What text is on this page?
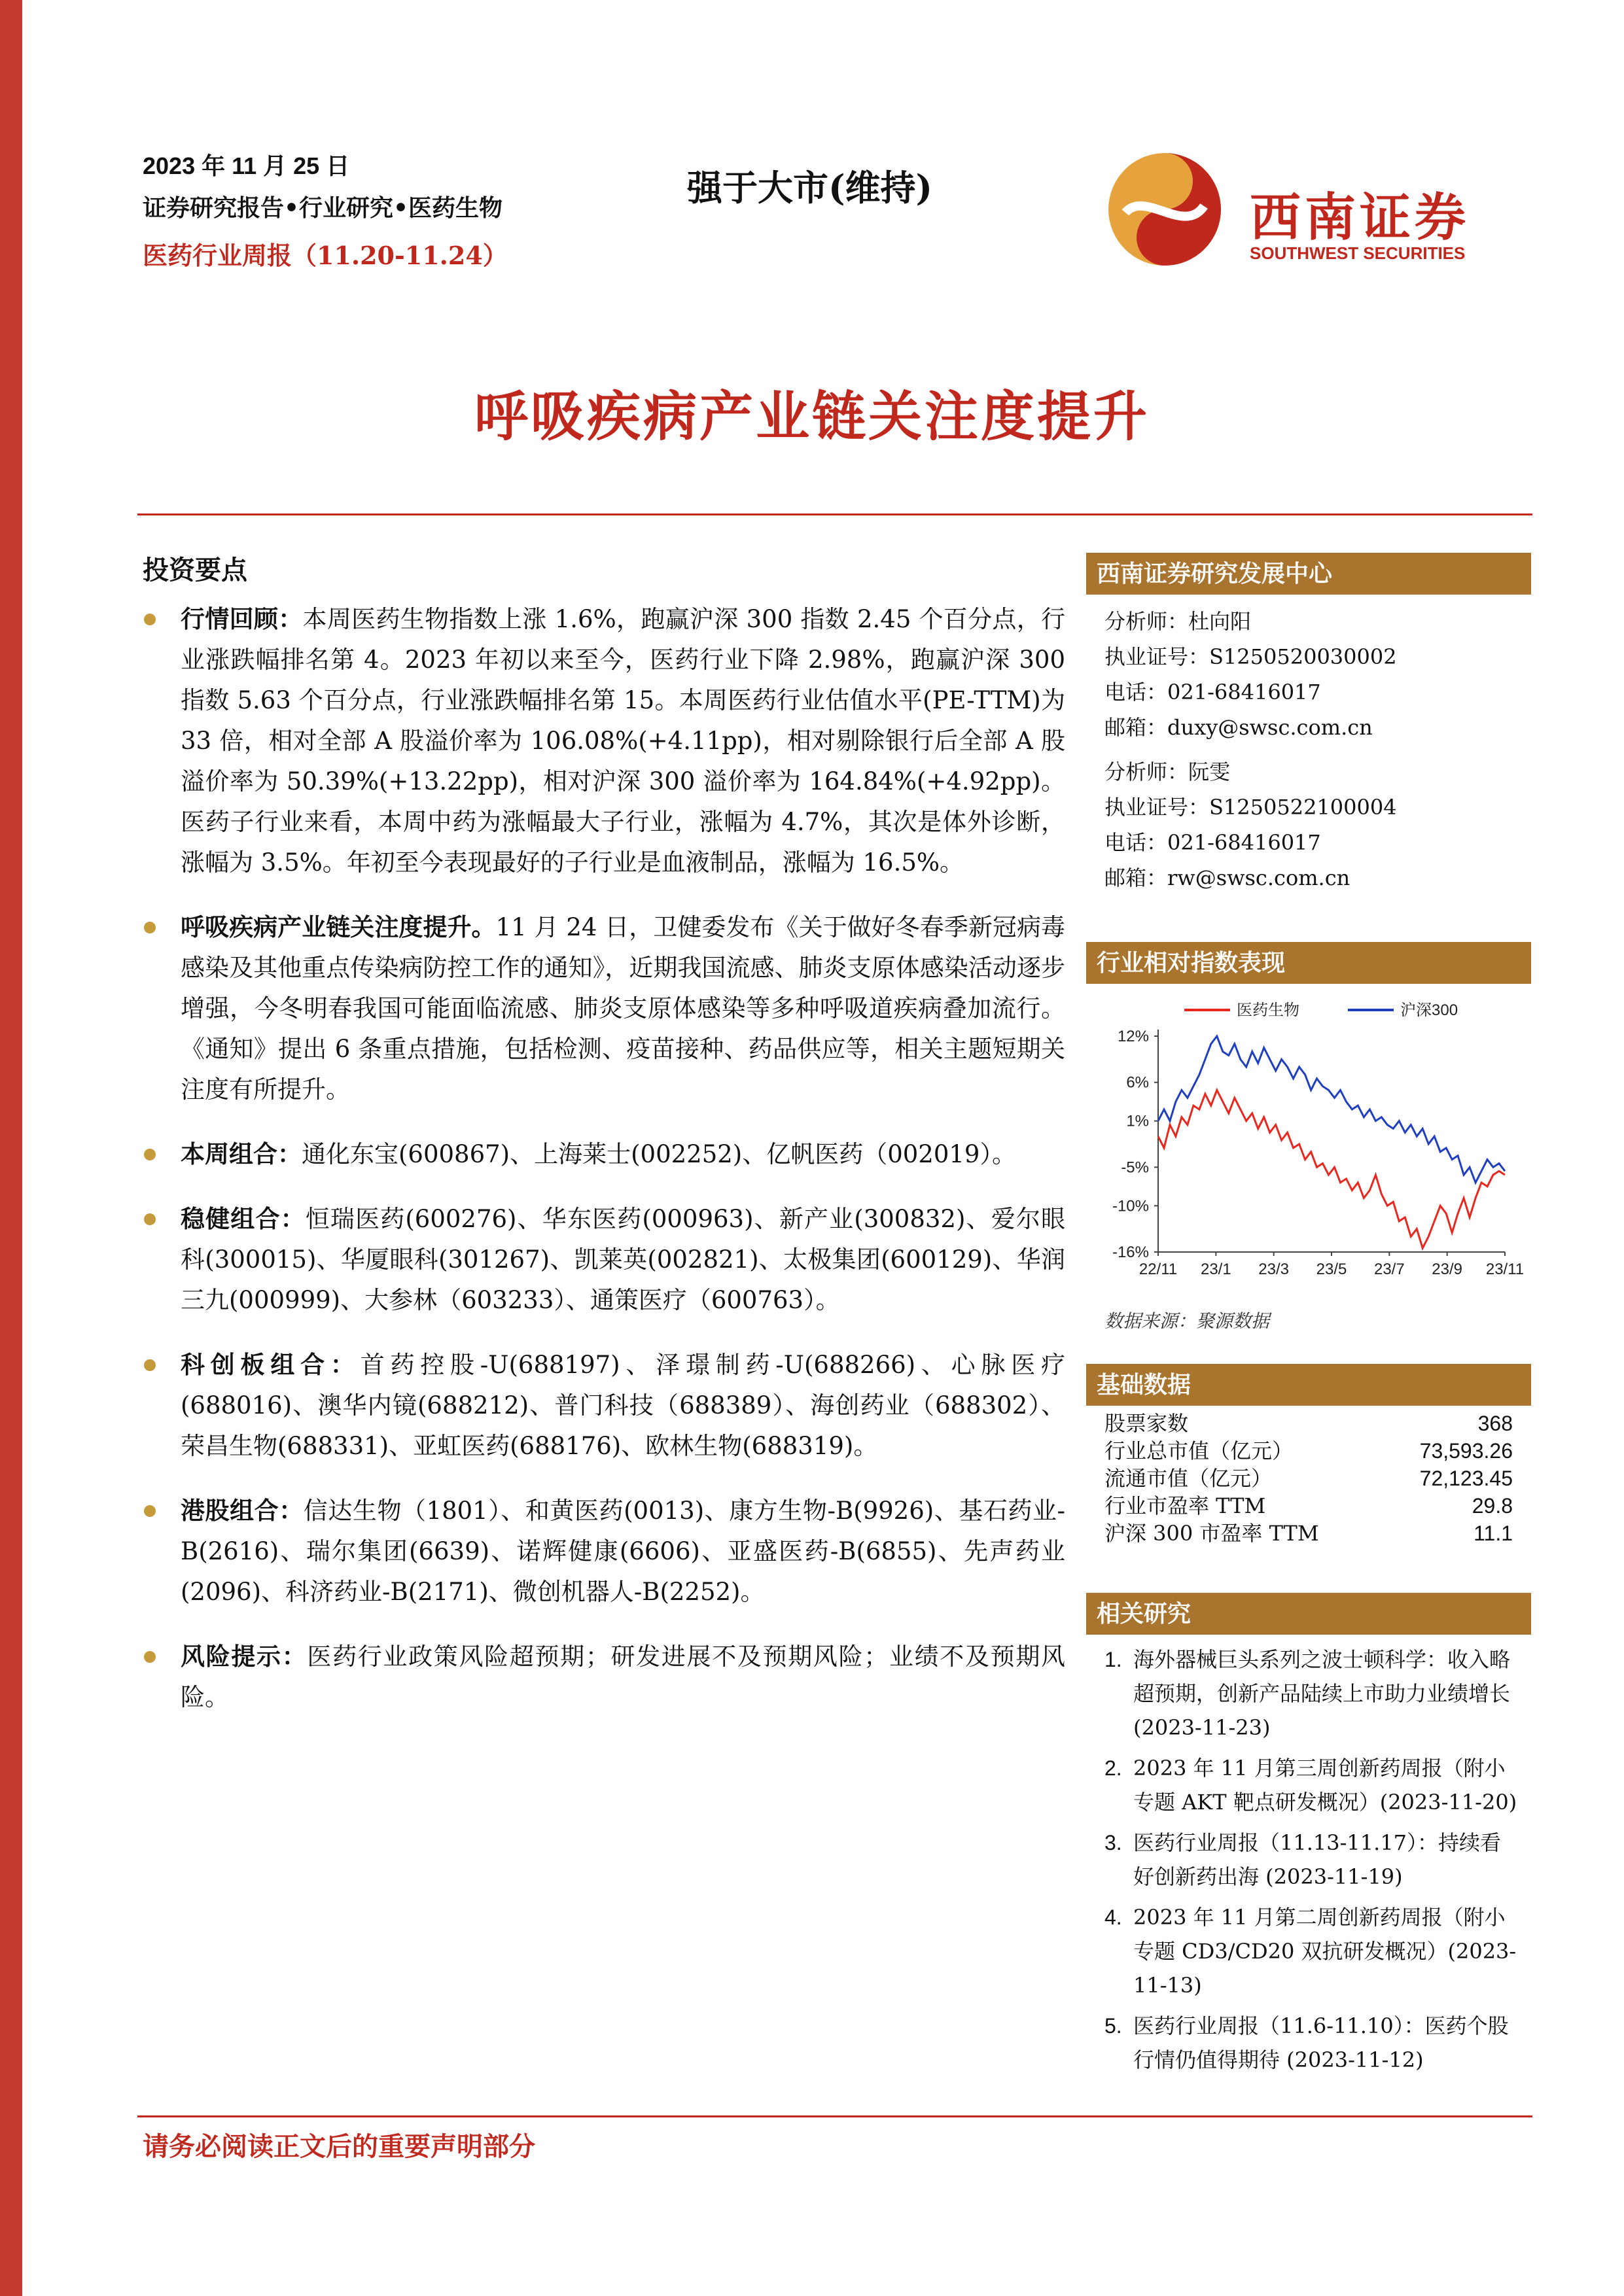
2023 年 11 月 25 日
证券研究报告•行业研究•医药生物
医药行业周报（11.20-11.24）
强于大市(维持)	西南证券
SOUTHWEST SECURITIES
呼吸疾病产业链关注度提升
投资要点
行情回顾：本周医药生物指数上涨 1.6%，跑赢沪深 300 指数 2.45 个百分点，行业涨跌幅排名第 4。2023 年初以来至今，医药行业下降 2.98%，跑赢沪深 300 指数 5.63 个百分点，行业涨跌幅排名第 15。本周医药行业估值水平(PE-TTM)为 33 倍，相对全部 A 股溢价率为 106.08%(+4.11pp)，相对剔除银行后全部 A 股溢价率为 50.39%(+13.22pp)，相对沪深 300 溢价率为 164.84%(+4.92pp)。医药子行业来看，本周中药为涨幅最大子行业，涨幅为 4.7%，其次是体外诊断，涨幅为 3.5%。年初至今表现最好的子行业是血液制品，涨幅为 16.5%。
呼吸疾病产业链关注度提升。11 月 24 日，卫健委发布《关于做好冬春季新冠病毒感染及其他重点传染病防控工作的通知》，近期我国流感、肺炎支原体感染活动逐步增强，今冬明春我国可能面临流感、肺炎支原体感染等多种呼吸道疾病叠加流行。《通知》提出 6 条重点措施，包括检测、疫苗接种、药品供应等，相关主题短期关注度有所提升。
本周组合：通化东宝(600867)、上海莱士(002252)、亿帆医药（002019）。
稳健组合：恒瑞医药(600276)、华东医药(000963)、新产业(300832)、爱尔眼科(300015)、华厦眼科(301267)、凯莱英(002821)、太极集团(600129)、华润三九(000999)、大参林（603233）、通策医疗（600763）。
科创板组合：首药控股-U(688197)、泽璟制药-U(688266)、心脉医疗(688016)、澳华内镜(688212)、普门科技（688389）、海创药业（688302）、荣昌生物(688331)、亚虹医药(688176)、欧林生物(688319)。
港股组合：信达生物（1801）、和黄医药(0013)、康方生物-B(9926)、基石药业-B(2616)、瑞尔集团(6639)、诺辉健康(6606)、亚盛医药-B(6855)、先声药业(2096)、科济药业-B(2171)、微创机器人-B(2252)。
风险提示：医药行业政策风险超预期；研发进展不及预期风险；业绩不及预期风险。
西南证券研究发展中心
分析师：杜向阳
执业证号：S1250520030002
电话：021-68416017
邮箱：duxy@swsc.com.cn
分析师：阮雯
执业证号：S1250522100004
电话：021-68416017
邮箱：rw@swsc.com.cn
行业相对指数表现
医药生物	沪深300
12%
6%
1%
-5%
-10%
-16%
22/11 23/1 23/3 23/5 23/7 23/9 23/11
数据来源：聚源数据
基础数据
股票家数	368
行业总市值（亿元）	73,593.26
流通市值（亿元）	72,123.45
行业市盈率 TTM	29.8
沪深 300 市盈率 TTM	11.1
相关研究
1. 海外器械巨头系列之波士顿科学：收入略超预期，创新产品陆续上市助力业绩增长 (2023-11-23)
2. 2023 年 11 月第三周创新药周报（附小专题 AKT 靶点研发概况）(2023-11-20)
3. 医药行业周报（11.13-11.17）：持续看好创新药出海 (2023-11-19)
4. 2023 年 11 月第二周创新药周报（附小专题 CD3/CD20 双抗研发概况）(2023-11-13)
5. 医药行业周报（11.6-11.10）：医药个股行情仍值得期待 (2023-11-12)
请务必阅读正文后的重要声明部分
